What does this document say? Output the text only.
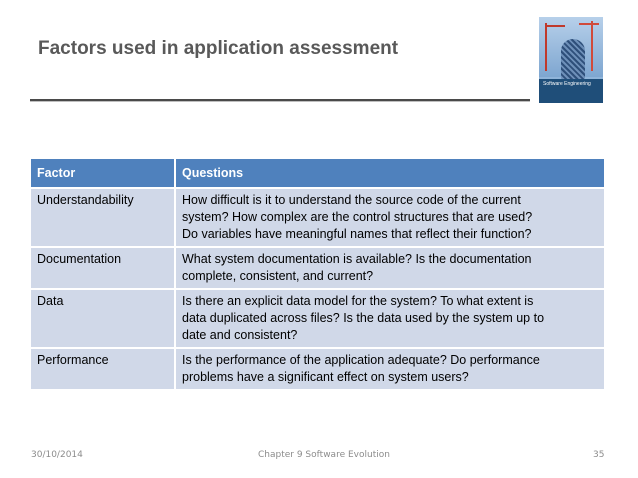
Factors used in application assessment
Software Engineering
Factor	Questions
Understandability	How difficult is it to understand the source code of the current
system? How complex are the control structures that are used?
Do variables have meaningful names that reflect their function?

Documentation	What system documentation is available? Is the documentation
complete, consistent, and current?

Data	Is there an explicit data model for the system? To what extent is
data duplicated across files? Is the data used by the system up to
date and consistent?

Performance	Is the performance of the application adequate? Do performance
problems have a significant effect on system users?
30/10/2014	Chapter 9 Software Evolution	35
